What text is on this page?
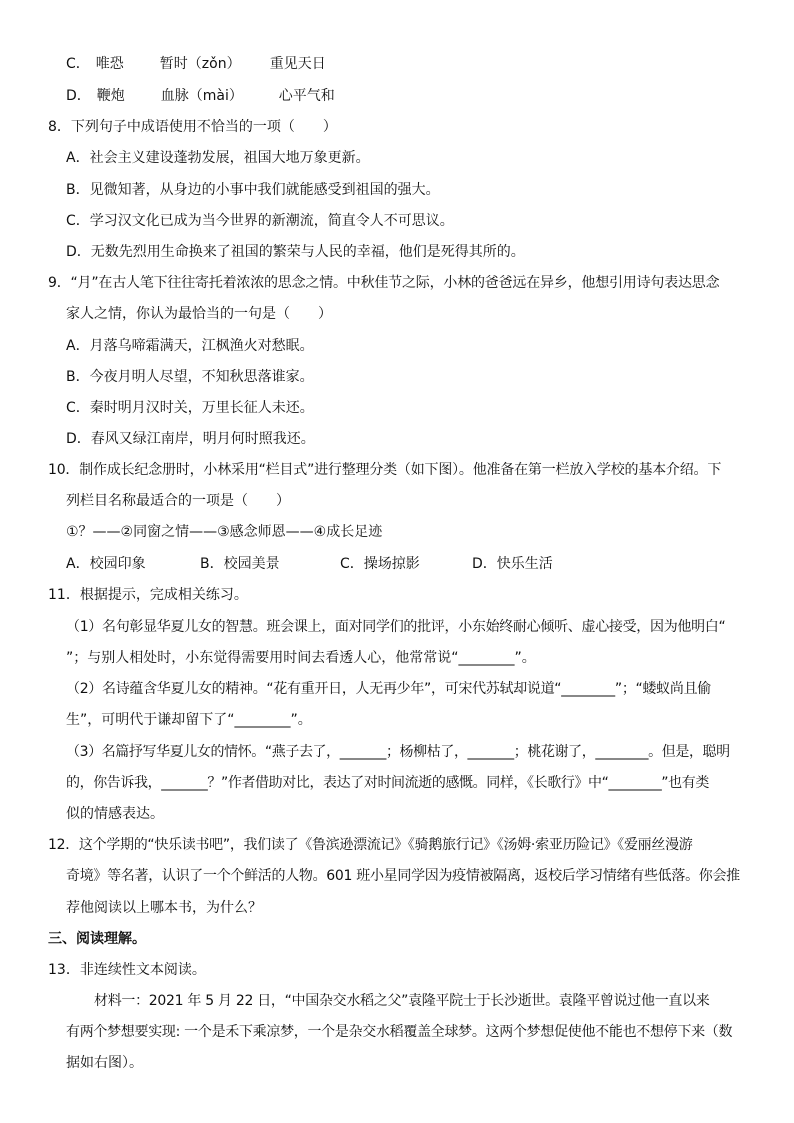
C． 唯恐	暂时（zǒn） 重见天日
D． 鞭炮	血脉（mài）	心平气和
8．下列句子中成语使用不恰当的一项（　　）
A．社会主义建设蓬勃发展，祖国大地万象更新。
B．见微知著，从身边的小事中我们就能感受到祖国的强大。
C．学习汉文化已成为当今世界的新潮流，简直令人不可思议。
D．无数先烈用生命换来了祖国的繁荣与人民的幸福，他们是死得其所的。
9．“月”在古人笔下往往寄托着浓浓的思念之情。中秋佳节之际，小林的爸爸远在异乡，他想引用诗句表达思念
家人之情，你认为最恰当的一句是（　　）
A．月落乌啼霜满天，江枫渔火对愁眠。
B．今夜月明人尽望，不知秋思落谁家。
C．秦时明月汉时关，万里长征人未还。
D．春风又绿江南岸，明月何时照我还。
10．制作成长纪念册时，小林采用“栏目式”进行整理分类（如下图）。他准备在第一栏放入学校的基本介绍。下
列栏目名称最适合的一项是（　　）
①？——②同窗之情——③感念师恩——④成长足迹
A．校园印象	B．校园美景	C．操场掠影	D．快乐生活
11．根据提示，完成相关练习。
（1）名句彰显华夏儿女的智慧。班会课上，面对同学们的批评，小东始终耐心倾听、虚心接受，因为他明白“
”；与别人相处时，小东觉得需要用时间去看透人心，他常常说“________”。
（2）名诗蕴含华夏儿女的精神。“花有重开日，人无再少年”，可宋代苏轼却说道“________”；“蝼蚁尚且偷
生”，可明代于谦却留下了“________”。
（3）名篇抒写华夏儿女的情怀。“燕子去了，_______；杨柳枯了，_______；桃花谢了，________。但是，聪明
的，你告诉我，_______？”作者借助对比，表达了对时间流逝的感慨。同样，《长歌行》中“________”也有类
似的情感表达。
12．这个学期的“快乐读书吧”，我们读了《鲁滨逊漂流记》《骑鹅旅行记》《汤姆·索亚历险记》《爱丽丝漫游
奇境》等名著，认识了一个个鲜活的人物。601 班小星同学因为疫情被隔离，返校后学习情绪有些低落。你会推
荐他阅读以上哪本书，为什么？
三、阅读理解。
13．非连续性文本阅读。
材料一：2021 年 5 月 22 日，“中国杂交水稻之父”袁隆平院士于长沙逝世。袁隆平曾说过他一直以来
有两个梦想要实现: 一个是禾下乘凉梦，一个是杂交水稻覆盖全球梦。这两个梦想促使他不能也不想停下来（数
据如右图）。
